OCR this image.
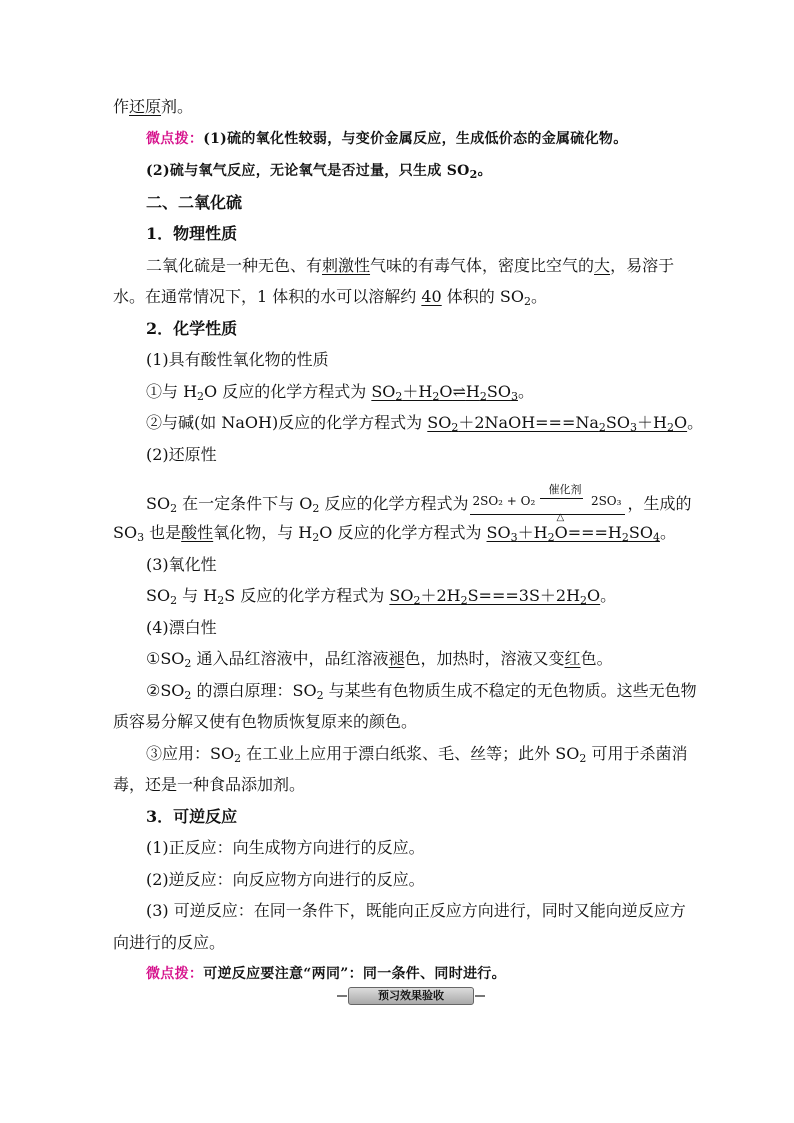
作还原剂。
微点拨：(1)硫的氧化性较弱，与变价金属反应，生成低价态的金属硫化物。
(2)硫与氧气反应，无论氧气是否过量，只生成 $SO_2$。
二、二氧化硫
1．物理性质
二氧化硫是一种无色、有刺激性气味的有毒气体，密度比空气的大，易溶于
水。在通常情况下，1 体积的水可以溶解约 40 体积的 $SO_2$。
2．化学性质
(1)具有酸性氧化物的性质
①与 $H_2O$ 反应的化学方程式为 $SO_2+H_2O\rightleftharpoons H_2SO_3$。
②与碱(如 NaOH)反应的化学方程式为 $SO_2+2NaOH===Na_2SO_3+H_2O$。
(2)还原性
$SO_2$ 在一定条件下与 $O_2$ 反应的化学方程式为 2SO₂ + O₂
催化剂
△
2SO₃ ，生成的
$SO_3$ 也是酸性氧化物，与 $H_2O$ 反应的化学方程式为 $SO_3+H_2O===H_2SO_4$。
(3)氧化性
$SO_2$ 与 $H_2S$ 反应的化学方程式为 $SO_2+2H_2S===3S+2H_2O$。
(4)漂白性
$①SO_2$ 通入品红溶液中，品红溶液褪色，加热时，溶液又变红色。
$②SO_2$ 的漂白原理：$SO_2$ 与某些有色物质生成不稳定的无色物质。这些无色物
质容易分解又使有色物质恢复原来的颜色。
③应用：$SO_2$ 在工业上应用于漂白纸浆、毛、丝等；此外 $SO_2$ 可用于杀菌消
毒，还是一种食品添加剂。
3．可逆反应
(1)正反应：向生成物方向进行的反应。
(2)逆反应：向反应物方向进行的反应。
(3) 可逆反应：在同一条件下，既能向正反应方向进行，同时又能向逆反应方
向进行的反应。
微点拨：可逆反应要注意“两同”：同一条件、同时进行。
预习效果验收
